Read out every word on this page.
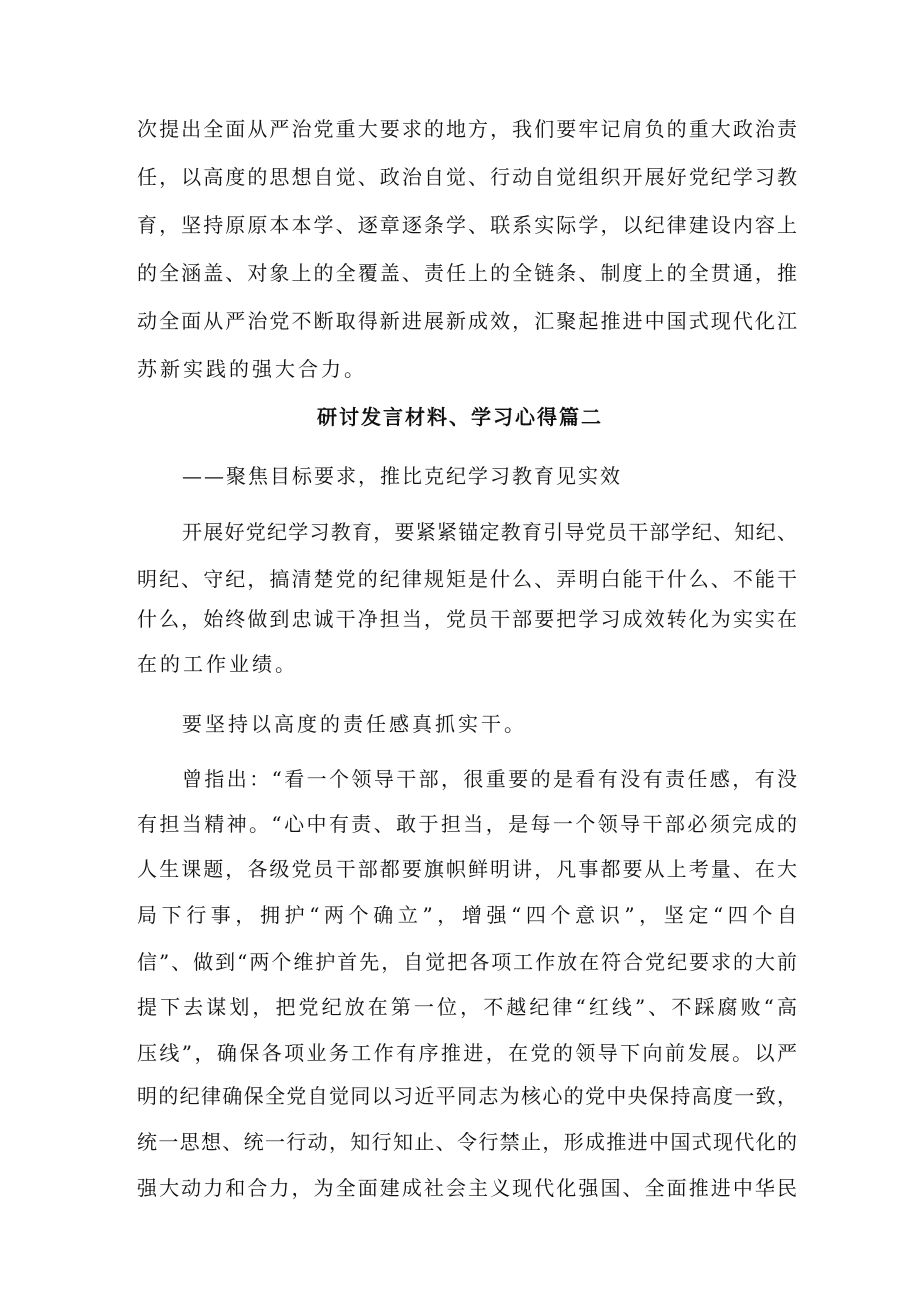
次提出全面从严治党重大要求的地方，我们要牢记肩负的重大政治责

任，以高度的思想自觉、政治自觉、行动自觉组织开展好党纪学习教

育，坚持原原本本学、逐章逐条学、联系实际学，以纪律建设内容上

的全涵盖、对象上的全覆盖、责任上的全链条、制度上的全贯通，推

动全面从严治党不断取得新进展新成效，汇聚起推进中国式现代化江

苏新实践的强大合力。

研讨发言材料、学习心得篇二

——聚焦目标要求，推比克纪学习教育见实效

开展好党纪学习教育，要紧紧锚定教育引导党员干部学纪、知纪、

明纪、守纪，搞清楚党的纪律规矩是什么、弄明白能干什么、不能干

什么，始终做到忠诚干净担当，党员干部要把学习成效转化为实实在

在的工作业绩。

要坚持以高度的责任感真抓实干。

曾指出：“看一个领导干部，很重要的是看有没有责任感，有没

有担当精神。“心中有责、敢于担当，是每一个领导干部必须完成的

人生课题，各级党员干部都要旗帜鲜明讲，凡事都要从上考量、在大

局下行事，拥护“两个确立”，增强“四个意识”，坚定“四个自

信”、做到“两个维护首先，自觉把各项工作放在符合党纪要求的大前

提下去谋划，把党纪放在第一位，不越纪律“红线”、不踩腐败“高

压线”，确保各项业务工作有序推进，在党的领导下向前发展。以严

明的纪律确保全党自觉同以习近平同志为核心的党中央保持高度一致，

统一思想、统一行动，知行知止、令行禁止，形成推进中国式现代化的

强大动力和合力，为全面建成社会主义现代化强国、全面推进中华民
